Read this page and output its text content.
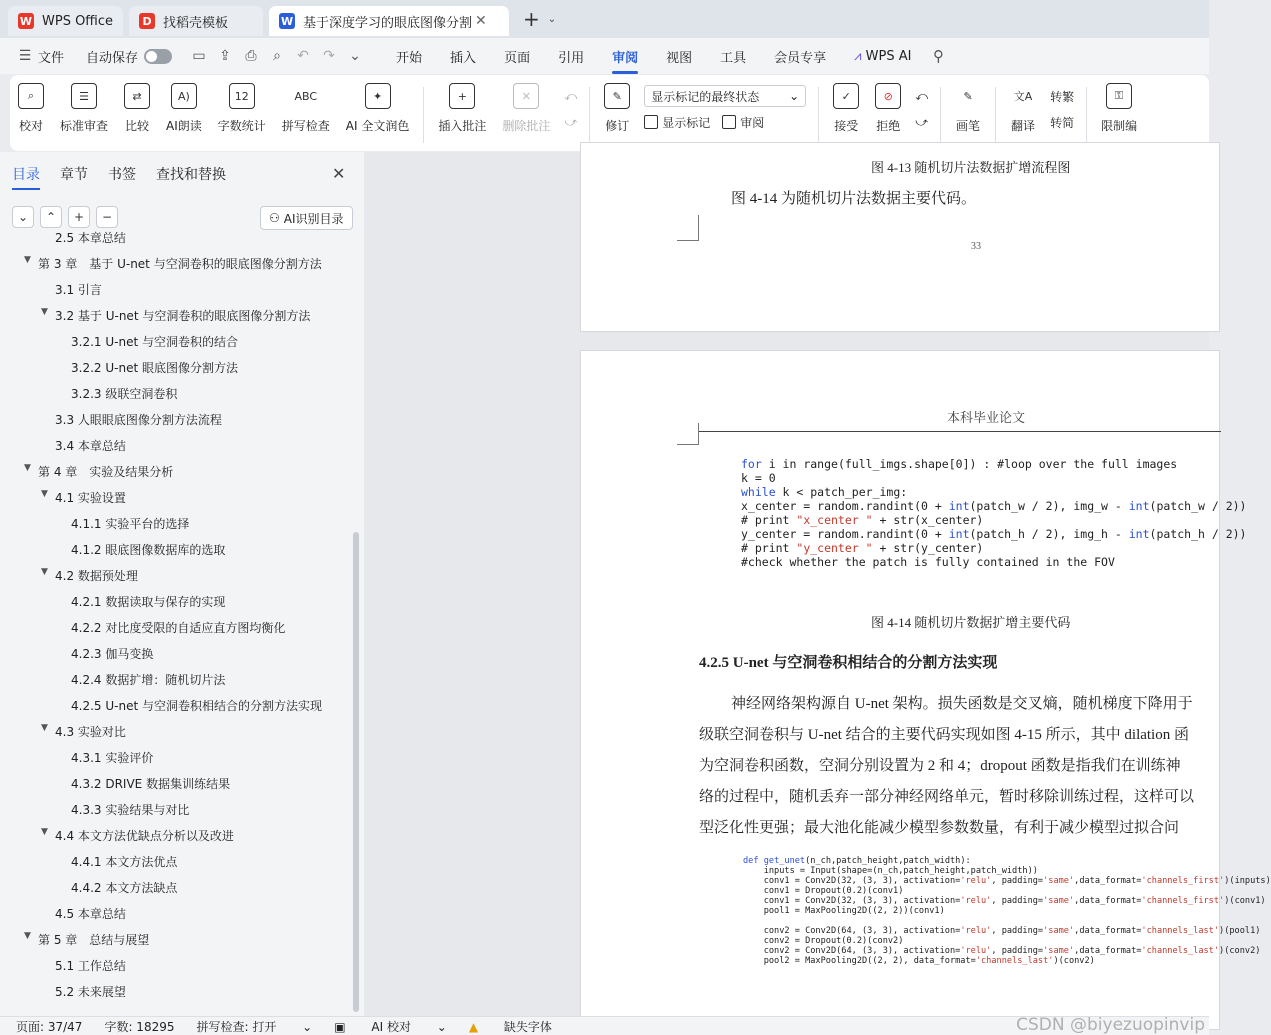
W WPS Office	D 找稻壳模板	W 基于深度学习的眼底图像分割 ✕ + ⌄
☰ 文件 自动保存	▭ ⇪ ⎙ ⌕ ↶ ↷ ⌄	开始 插入 页面 引用 审阅 视图 工具 会员专享 ⩘ WPS AI ⚲
⌕
校对
☰
标准审查
⇄
比较
A)
AI朗读
12
字数统计
ABC
拼写检查
✦
AI 全文润色
+
插入批注
✕
删除批注
⤺
⤻
✎
修订
显示标记的最终状态 ⌄
显示标记	审阅
✓
接受
⊘
拒绝
⤺
⤻
✎
画笔
文A
翻译
转繁
转简
⚿
限制编
目录 章节 书签 查找和替换	✕
⌄	⌃	+	−	⚇ AI识别目录
2.5 本章总结
▼ 第 3 章　基于 U-net 与空洞卷积的眼底图像分割方法
3.1 引言
▼ 3.2 基于 U-net 与空洞卷积的眼底图像分割方法
3.2.1 U-net 与空洞卷积的结合
3.2.2 U-net 眼底图像分割方法
3.2.3 级联空洞卷积
3.3 人眼眼底图像分割方法流程
3.4 本章总结
▼ 第 4 章　实验及结果分析
▼ 4.1 实验设置
4.1.1 实验平台的选择
4.1.2 眼底图像数据库的选取
▼ 4.2 数据预处理
4.2.1 数据读取与保存的实现
4.2.2 对比度受限的自适应直方图均衡化
4.2.3 伽马变换
4.2.4 数据扩增：随机切片法
4.2.5 U-net 与空洞卷积相结合的分割方法实现
▼ 4.3 实验对比
4.3.1 实验评价
4.3.2 DRIVE 数据集训练结果
4.3.3 实验结果与对比
▼ 4.4 本文方法优缺点分析以及改进
4.4.1 本文方法优点
4.4.2 本文方法缺点
4.5 本章总结
▼ 第 5 章　总结与展望
5.1 工作总结
5.2 未来展望
图 4-13 随机切片法数据扩增流程图
图 4-14 为随机切片法数据主要代码。
33
本科毕业论文
for i in range(full_imgs.shape[0]) : #loop over the full images
k = 0
while k < patch_per_img:
x_center = random.randint(0 + int(patch_w / 2), img_w - int(patch_w / 2))
# print "x_center " + str(x_center)
y_center = random.randint(0 + int(patch_h / 2), img_h - int(patch_h / 2))
# print "y_center " + str(y_center)
#check whether the patch is fully contained in the FOV
图 4-14 随机切片数据扩增主要代码
4.2.5 U-net 与空洞卷积相结合的分割方法实现
神经网络架构源自 U-net 架构。损失函数是交叉熵，随机梯度下降用于
级联空洞卷积与 U-net 结合的主要代码实现如图 4-15 所示，其中 dilation 函
为空洞卷积函数，空洞分别设置为 2 和 4；dropout 函数是指我们在训练神
络的过程中，随机丢弃一部分神经网络单元，暂时移除训练过程，这样可以
型泛化性更强；最大池化能减少模型参数数量，有利于减少模型过拟合问
def get_unet(n_ch,patch_height,patch_width):
inputs = Input(shape=(n_ch,patch_height,patch_width))
conv1 = Conv2D(32, (3, 3), activation='relu', padding='same',data_format='channels_first')(inputs)
conv1 = Dropout(0.2)(conv1)
conv1 = Conv2D(32, (3, 3), activation='relu', padding='same',data_format='channels_first')(conv1)
pool1 = MaxPooling2D((2, 2))(conv1)

conv2 = Conv2D(64, (3, 3), activation='relu', padding='same',data_format='channels_last')(pool1)
conv2 = Dropout(0.2)(conv2)
conv2 = Conv2D(64, (3, 3), activation='relu', padding='same',data_format='channels_last')(conv2)
pool2 = MaxPooling2D((2, 2), data_format='channels_last')(conv2)
页面: 37/47 字数: 18295 拼写检查: 打开 ⌄ ▣ AI 校对 ⌄ ▲ 缺失字体	CSDN @biyezuopinvip
